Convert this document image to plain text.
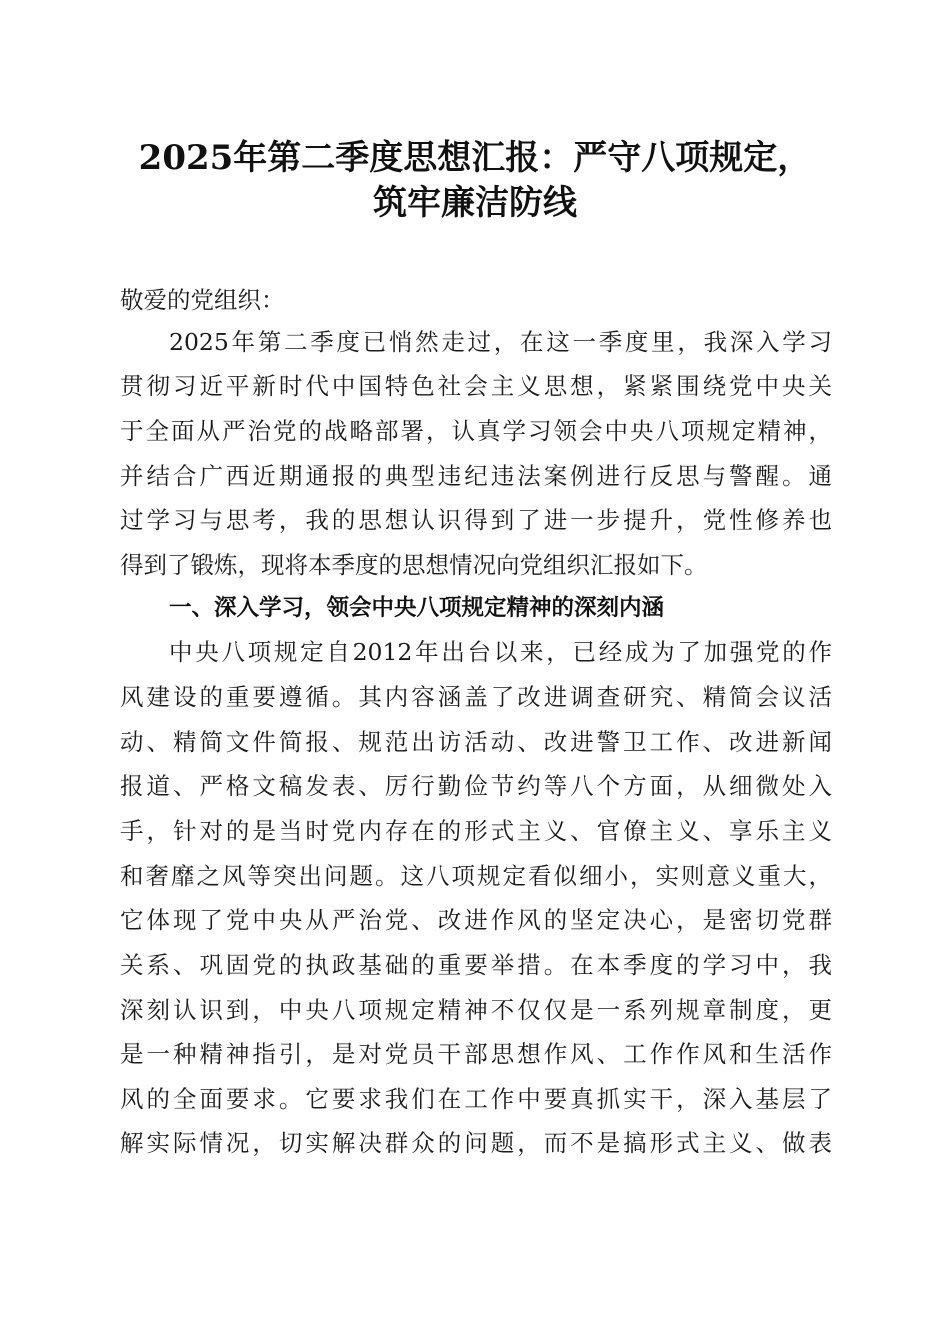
2025年第二季度思想汇报：严守八项规定，
筑牢廉洁防线
敬爱的党组织：
2025年第二季度已悄然走过，在这一季度里，我深入学习
贯彻习近平新时代中国特色社会主义思想，紧紧围绕党中央关
于全面从严治党的战略部署，认真学习领会中央八项规定精神，
并结合广西近期通报的典型违纪违法案例进行反思与警醒。通
过学习与思考，我的思想认识得到了进一步提升，党性修养也
得到了锻炼，现将本季度的思想情况向党组织汇报如下。
一、深入学习，领会中央八项规定精神的深刻内涵
中央八项规定自2012年出台以来，已经成为了加强党的作
风建设的重要遵循。其内容涵盖了改进调查研究、精简会议活
动、精简文件简报、规范出访活动、改进警卫工作、改进新闻
报道、严格文稿发表、厉行勤俭节约等八个方面，从细微处入
手，针对的是当时党内存在的形式主义、官僚主义、享乐主义
和奢靡之风等突出问题。这八项规定看似细小，实则意义重大，
它体现了党中央从严治党、改进作风的坚定决心，是密切党群
关系、巩固党的执政基础的重要举措。在本季度的学习中，我
深刻认识到，中央八项规定精神不仅仅是一系列规章制度，更
是一种精神指引，是对党员干部思想作风、工作作风和生活作
风的全面要求。它要求我们在工作中要真抓实干，深入基层了
解实际情况，切实解决群众的问题，而不是搞形式主义、做表
